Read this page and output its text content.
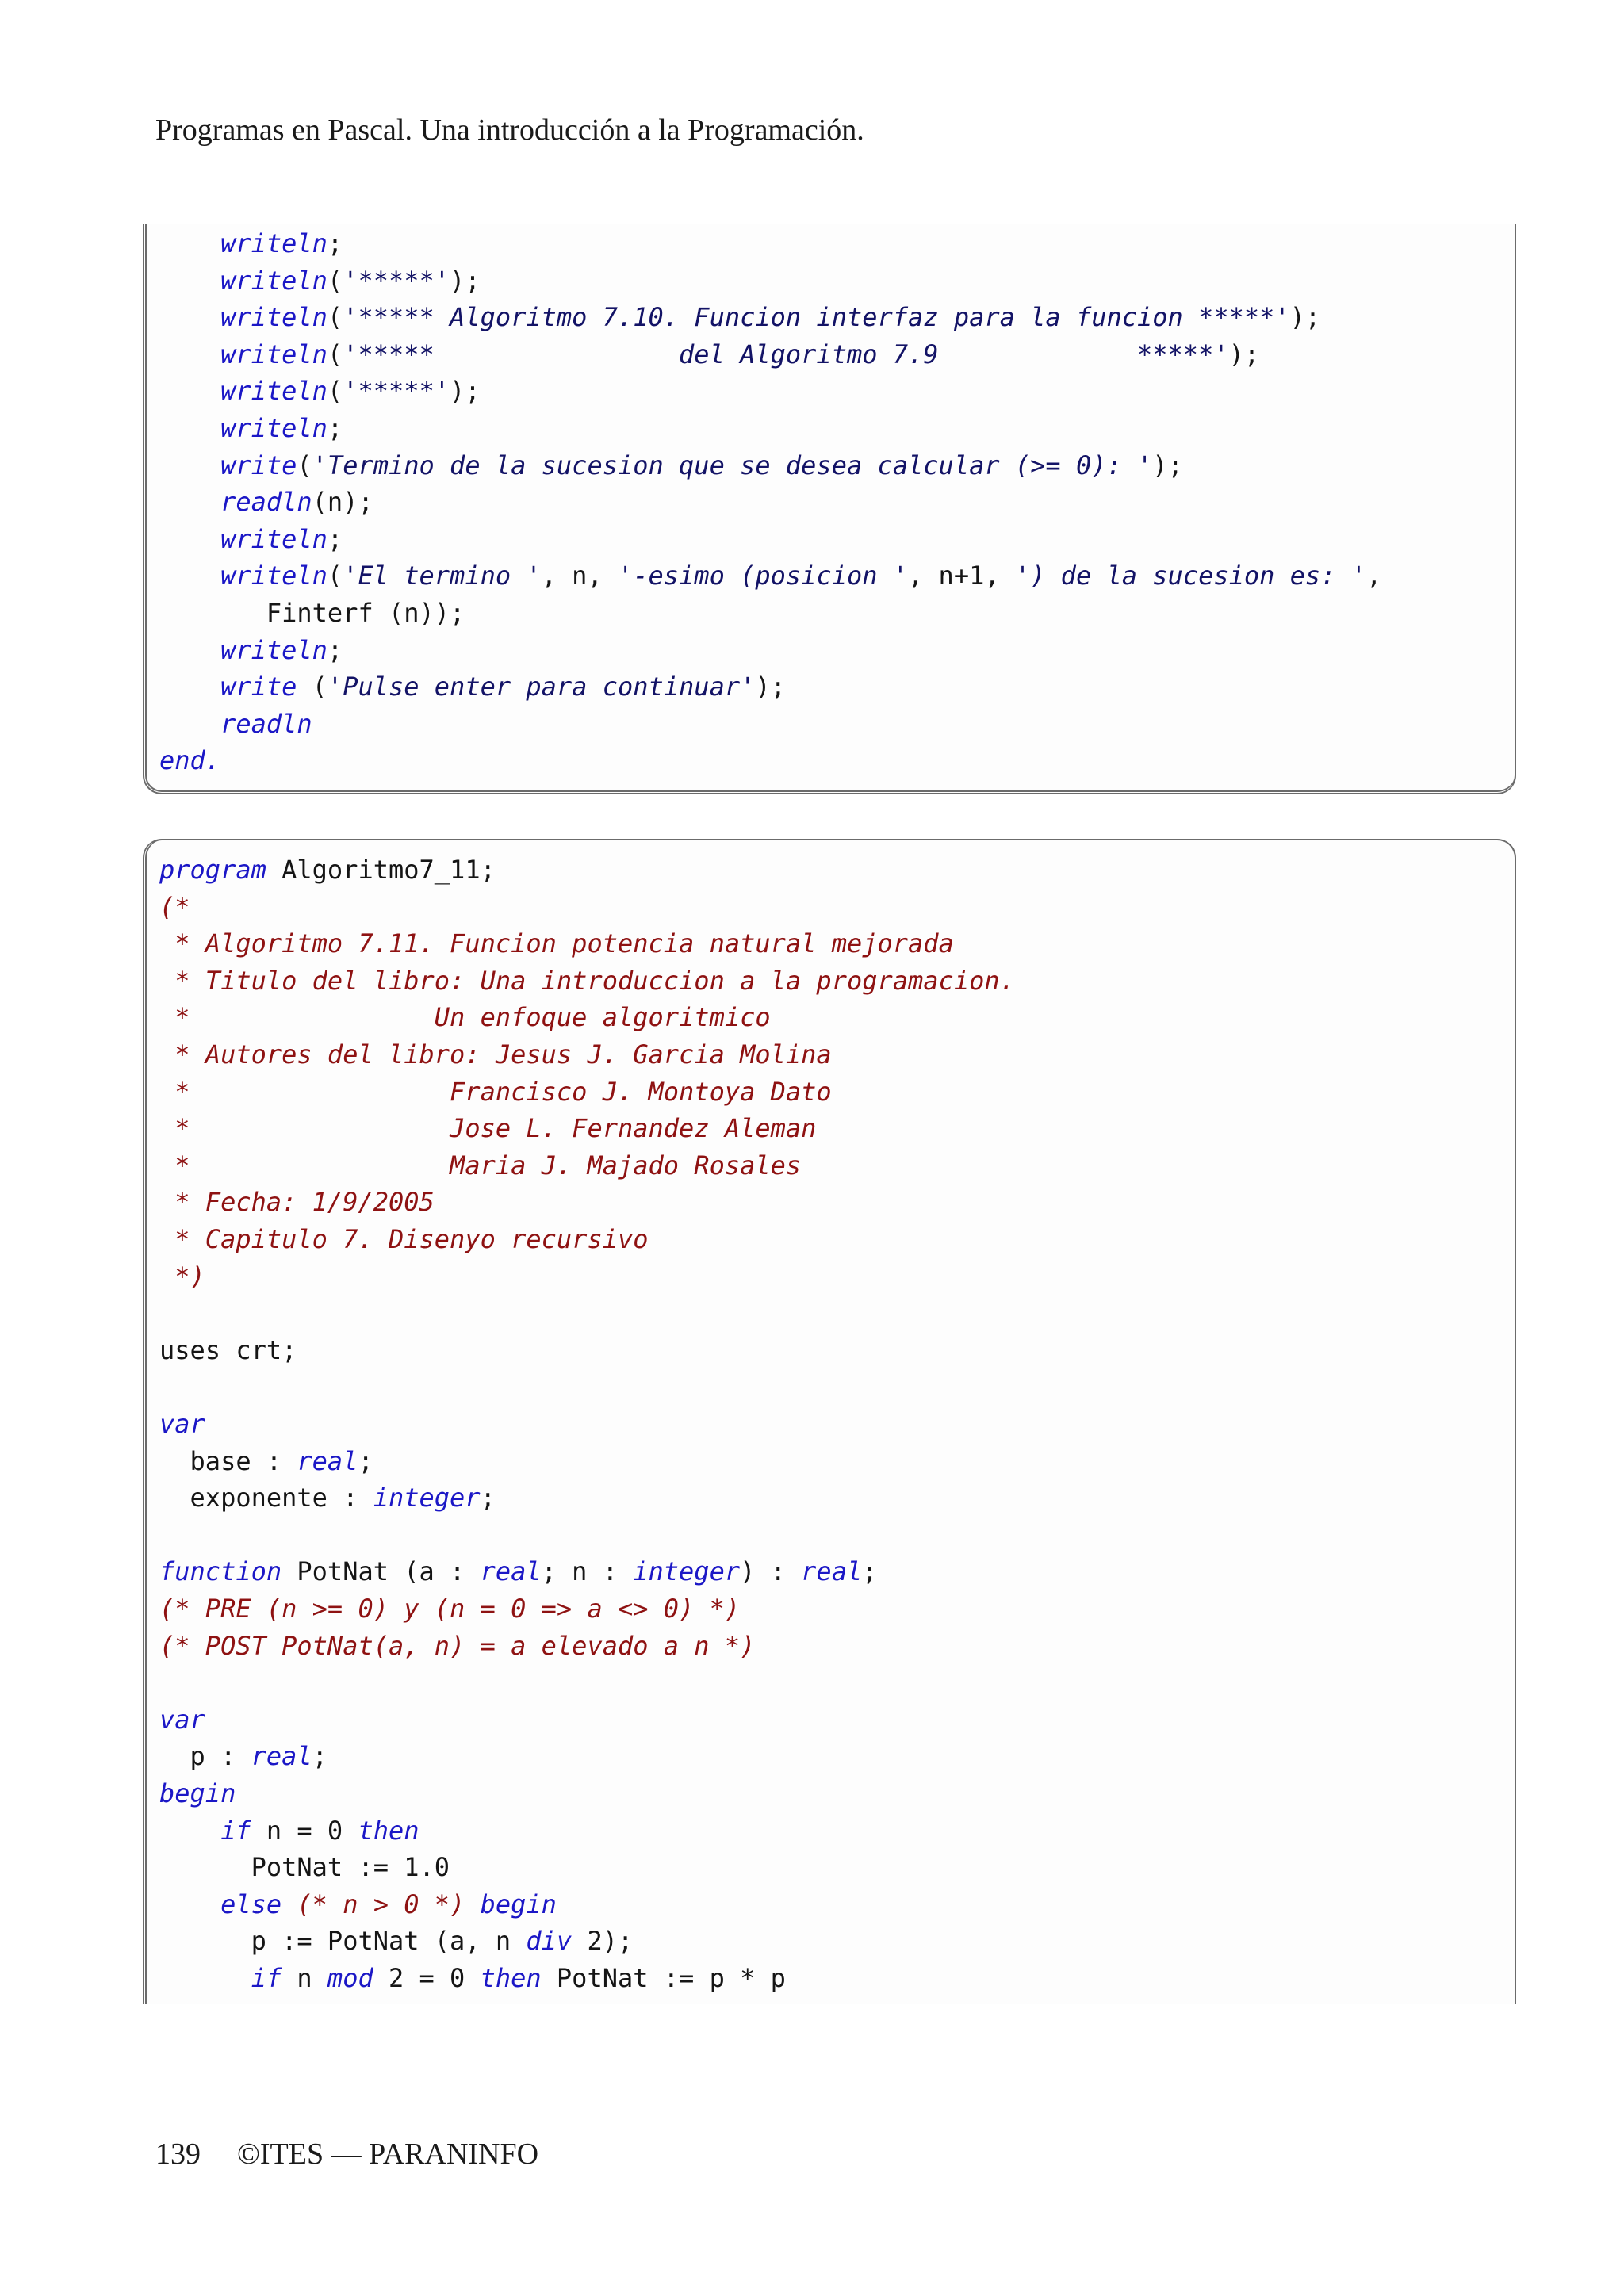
Programas en Pascal. Una introducción a la Programación.
writeln;
writeln('*****');
writeln('***** Algoritmo 7.10. Funcion interfaz para la funcion *****');
writeln('*****                del Algoritmo 7.9             *****');
writeln('*****');
writeln;
write('Termino de la sucesion que se desea calcular (>= 0): ');
readln(n);
writeln;
writeln('El termino ', n, '-esimo (posicion ', n+1, ') de la sucesion es: ',
Finterf (n));
writeln;
write ('Pulse enter para continuar');
readln
end.
program Algoritmo7_11;
(*
* Algoritmo 7.11. Funcion potencia natural mejorada
* Titulo del libro: Una introduccion a la programacion.
*                Un enfoque algoritmico
* Autores del libro: Jesus J. Garcia Molina
*                 Francisco J. Montoya Dato
*                 Jose L. Fernandez Aleman
*                 Maria J. Majado Rosales
* Fecha: 1/9/2005
* Capitulo 7. Disenyo recursivo
*)
uses crt;
var
base : real;
exponente : integer;
function PotNat (a : real; n : integer) : real;
(* PRE (n >= 0) y (n = 0 => a <> 0) *)
(* POST PotNat(a, n) = a elevado a n *)
var
p : real;
begin
if n = 0 then
PotNat := 1.0
else (* n > 0 *) begin
p := PotNat (a, n div 2);
if n mod 2 = 0 then PotNat := p * p
139 ©ITES — PARANINFO
